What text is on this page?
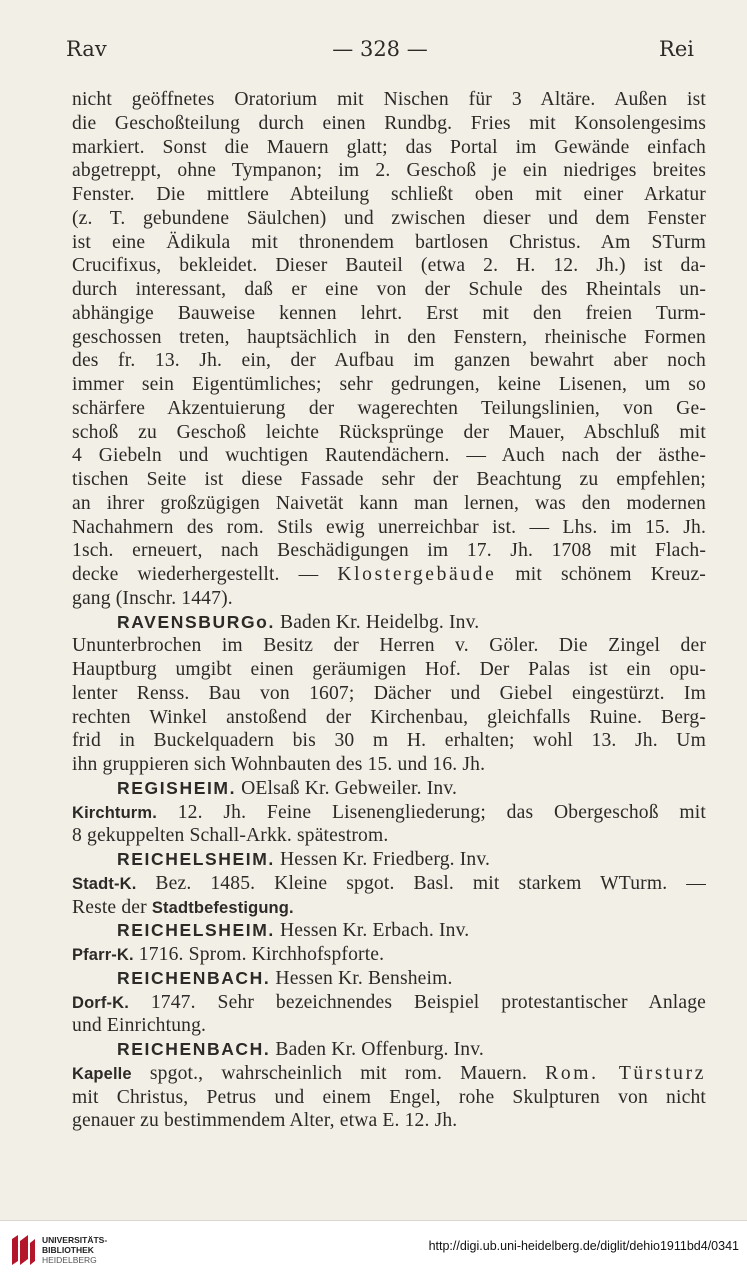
Rav	— 328 —	Rei
nicht geöffnetes Oratorium mit Nischen für 3 Altäre. Außen ist
die Geschoßteilung durch einen Rundbg. Fries mit Konsolengesims
markiert. Sonst die Mauern glatt; das Portal im Gewände einfach
abgetreppt, ohne Tympanon; im 2. Geschoß je ein niedriges breites
Fenster. Die mittlere Abteilung schließt oben mit einer Arkatur
(z. T. gebundene Säulchen) und zwischen dieser und dem Fenster
ist eine Ädikula mit thronendem bartlosen Christus. Am STurm
Crucifixus, bekleidet. Dieser Bauteil (etwa 2. H. 12. Jh.) ist da-
durch interessant, daß er eine von der Schule des Rheintals un-
abhängige Bauweise kennen lehrt. Erst mit den freien Turm-
geschossen treten, hauptsächlich in den Fenstern, rheinische Formen
des fr. 13. Jh. ein, der Aufbau im ganzen bewahrt aber noch
immer sein Eigentümliches; sehr gedrungen, keine Lisenen, um so
schärfere Akzentuierung der wagerechten Teilungslinien, von Ge-
schoß zu Geschoß leichte Rücksprünge der Mauer, Abschluß mit
4 Giebeln und wuchtigen Rautendächern. — Auch nach der ästhe-
tischen Seite ist diese Fassade sehr der Beachtung zu empfehlen;
an ihrer großzügigen Naivetät kann man lernen, was den modernen
Nachahmern des rom. Stils ewig unerreichbar ist. — Lhs. im 15. Jh.
1sch. erneuert, nach Beschädigungen im 17. Jh. 1708 mit Flach-
decke wiederhergestellt. — Klostergebäude mit schönem Kreuz-
gang (Inschr. 1447).
RAVENSBURGo. Baden Kr. Heidelbg. Inv.
Ununterbrochen im Besitz der Herren v. Göler. Die Zingel der
Hauptburg umgibt einen geräumigen Hof. Der Palas ist ein opu-
lenter Renss. Bau von 1607; Dächer und Giebel eingestürzt. Im
rechten Winkel anstoßend der Kirchenbau, gleichfalls Ruine. Berg-
frid in Buckelquadern bis 30 m H. erhalten; wohl 13. Jh. Um
ihn gruppieren sich Wohnbauten des 15. und 16. Jh.
REGISHEIM. OElsaß Kr. Gebweiler. Inv.
Kirchturm. 12. Jh. Feine Lisenengliederung; das Obergeschoß mit
8 gekuppelten Schall-Arkk. spätestrom.
REICHELSHEIM. Hessen Kr. Friedberg. Inv.
Stadt-K. Bez. 1485. Kleine spgot. Basl. mit starkem WTurm. —
Reste der Stadtbefestigung.
REICHELSHEIM. Hessen Kr. Erbach. Inv.
Pfarr-K. 1716. Sprom. Kirchhofspforte.
REICHENBACH. Hessen Kr. Bensheim.
Dorf-K. 1747. Sehr bezeichnendes Beispiel protestantischer Anlage
und Einrichtung.
REICHENBACH. Baden Kr. Offenburg. Inv.
Kapelle spgot., wahrscheinlich mit rom. Mauern. Rom. Türsturz
mit Christus, Petrus und einem Engel, rohe Skulpturen von nicht
genauer zu bestimmendem Alter, etwa E. 12. Jh.
UNIVERSITÄTS-
BIBLIOTHEK
HEIDELBERG
http://digi.ub.uni-heidelberg.de/diglit/dehio1911bd4/0341
